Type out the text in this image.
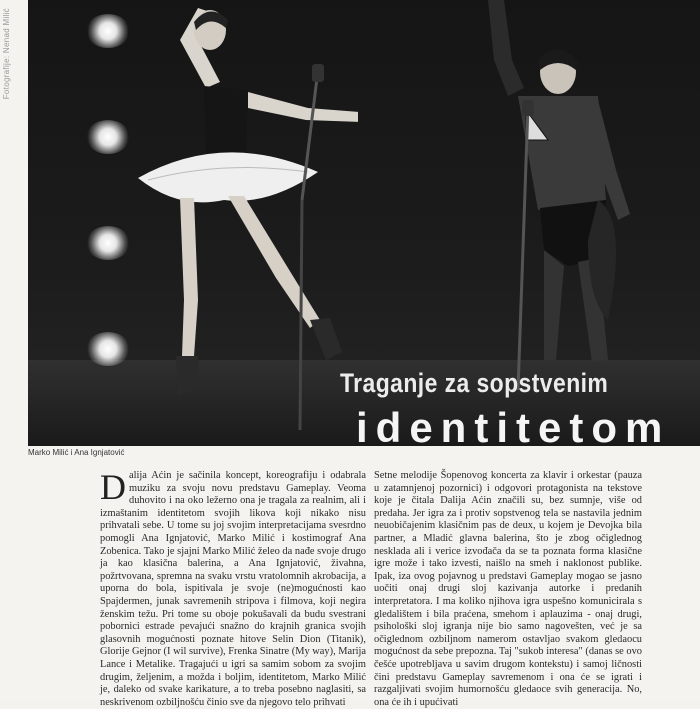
Traganje za sopstvenim
identitetom
Fotografije: Nenad Milić
Marko Milić i Ana Ignjatović
D alija Aćin je sačinila koncept, koreografiju i odabrala muziku za svoju novu predstavu Gameplay. Veoma duhovito i na oko ležerno ona je tragala za realnim, ali i izmaštanim identitetom svojih likova koji nikako nisu prihvatali sebe. U tome su joj svojim interpretacijama svesrdno pomogli Ana Ignjatović, Marko Milić i kostimograf Ana Zobenica. Tako je sjajni Marko Milić želeo da nađe svoje drugo ja kao klasična balerina, a Ana Ignjatović, živahna, požrtvovana, spremna na svaku vrstu vratolomnih akrobacija, a uporna do bola, ispitivala je svoje (ne)mogućnosti kao Spajdermen, junak savremenih stripova i filmova, koji negira ženskim težu. Pri tome su oboje pokušavali da budu svestrani pobornici estrade pevajući snažno do krajnih granica svojih glasovnih mogućnosti poznate hitove Selin Dion (Titanik), Glorije Gejnor (I wil survive), Frenka Sinatre (My way), Marija Lance i Metalike. Tragajući u igri sa samim sobom za svojim drugim, željenim, a možda i boljim, identitetom, Marko Milić je, daleko od svake karikature, a to treba posebno naglasiti, sa neskrivenom ozbiljnošću činio sve da njegovo telo prihvati

Setne melodije Šopenovog koncerta za klavir i orkestar (pauza u zatamnjenoj pozornici) i odgovori protagonista na tekstove koje je čitala Dalija Aćin značili su, bez sumnje, više od predaha. Jer igra za i protiv sopstvenog tela se nastavila jednim neuobičajenim klasičnim pas de deux, u kojem je Devojka bila partner, a Mladić glavna balerina, što je zbog očiglednog nesklada ali i verice izvođača da se ta poznata forma klasične igre može i tako izvesti, naišlo na smeh i naklonost publike. Ipak, iza ovog pojavnog u predstavi Gameplay mogao se jasno uočiti onaj drugi sloj kazivanja autorke i predanih interpretatora. I ma koliko njihova igra uspešno komunicirala s gledalištem i bila praćena, smehom i aplauzima - onaj drugi, psihološki sloj igranja nije bio samo nagovešten, već je sa očiglednom ozbiljnom namerom ostavljao svakom gledaocu mogućnost da sebe prepozna. Taj "sukob interesa" (danas se ovo češće upotrebljava u savim drugom kontekstu) i samoj ličnosti čini predstavu Gameplay savremenom i ona će se igrati i razgaljivati svojim humornošću gledaoce svih generacija. No, ona će ih i upućivati
